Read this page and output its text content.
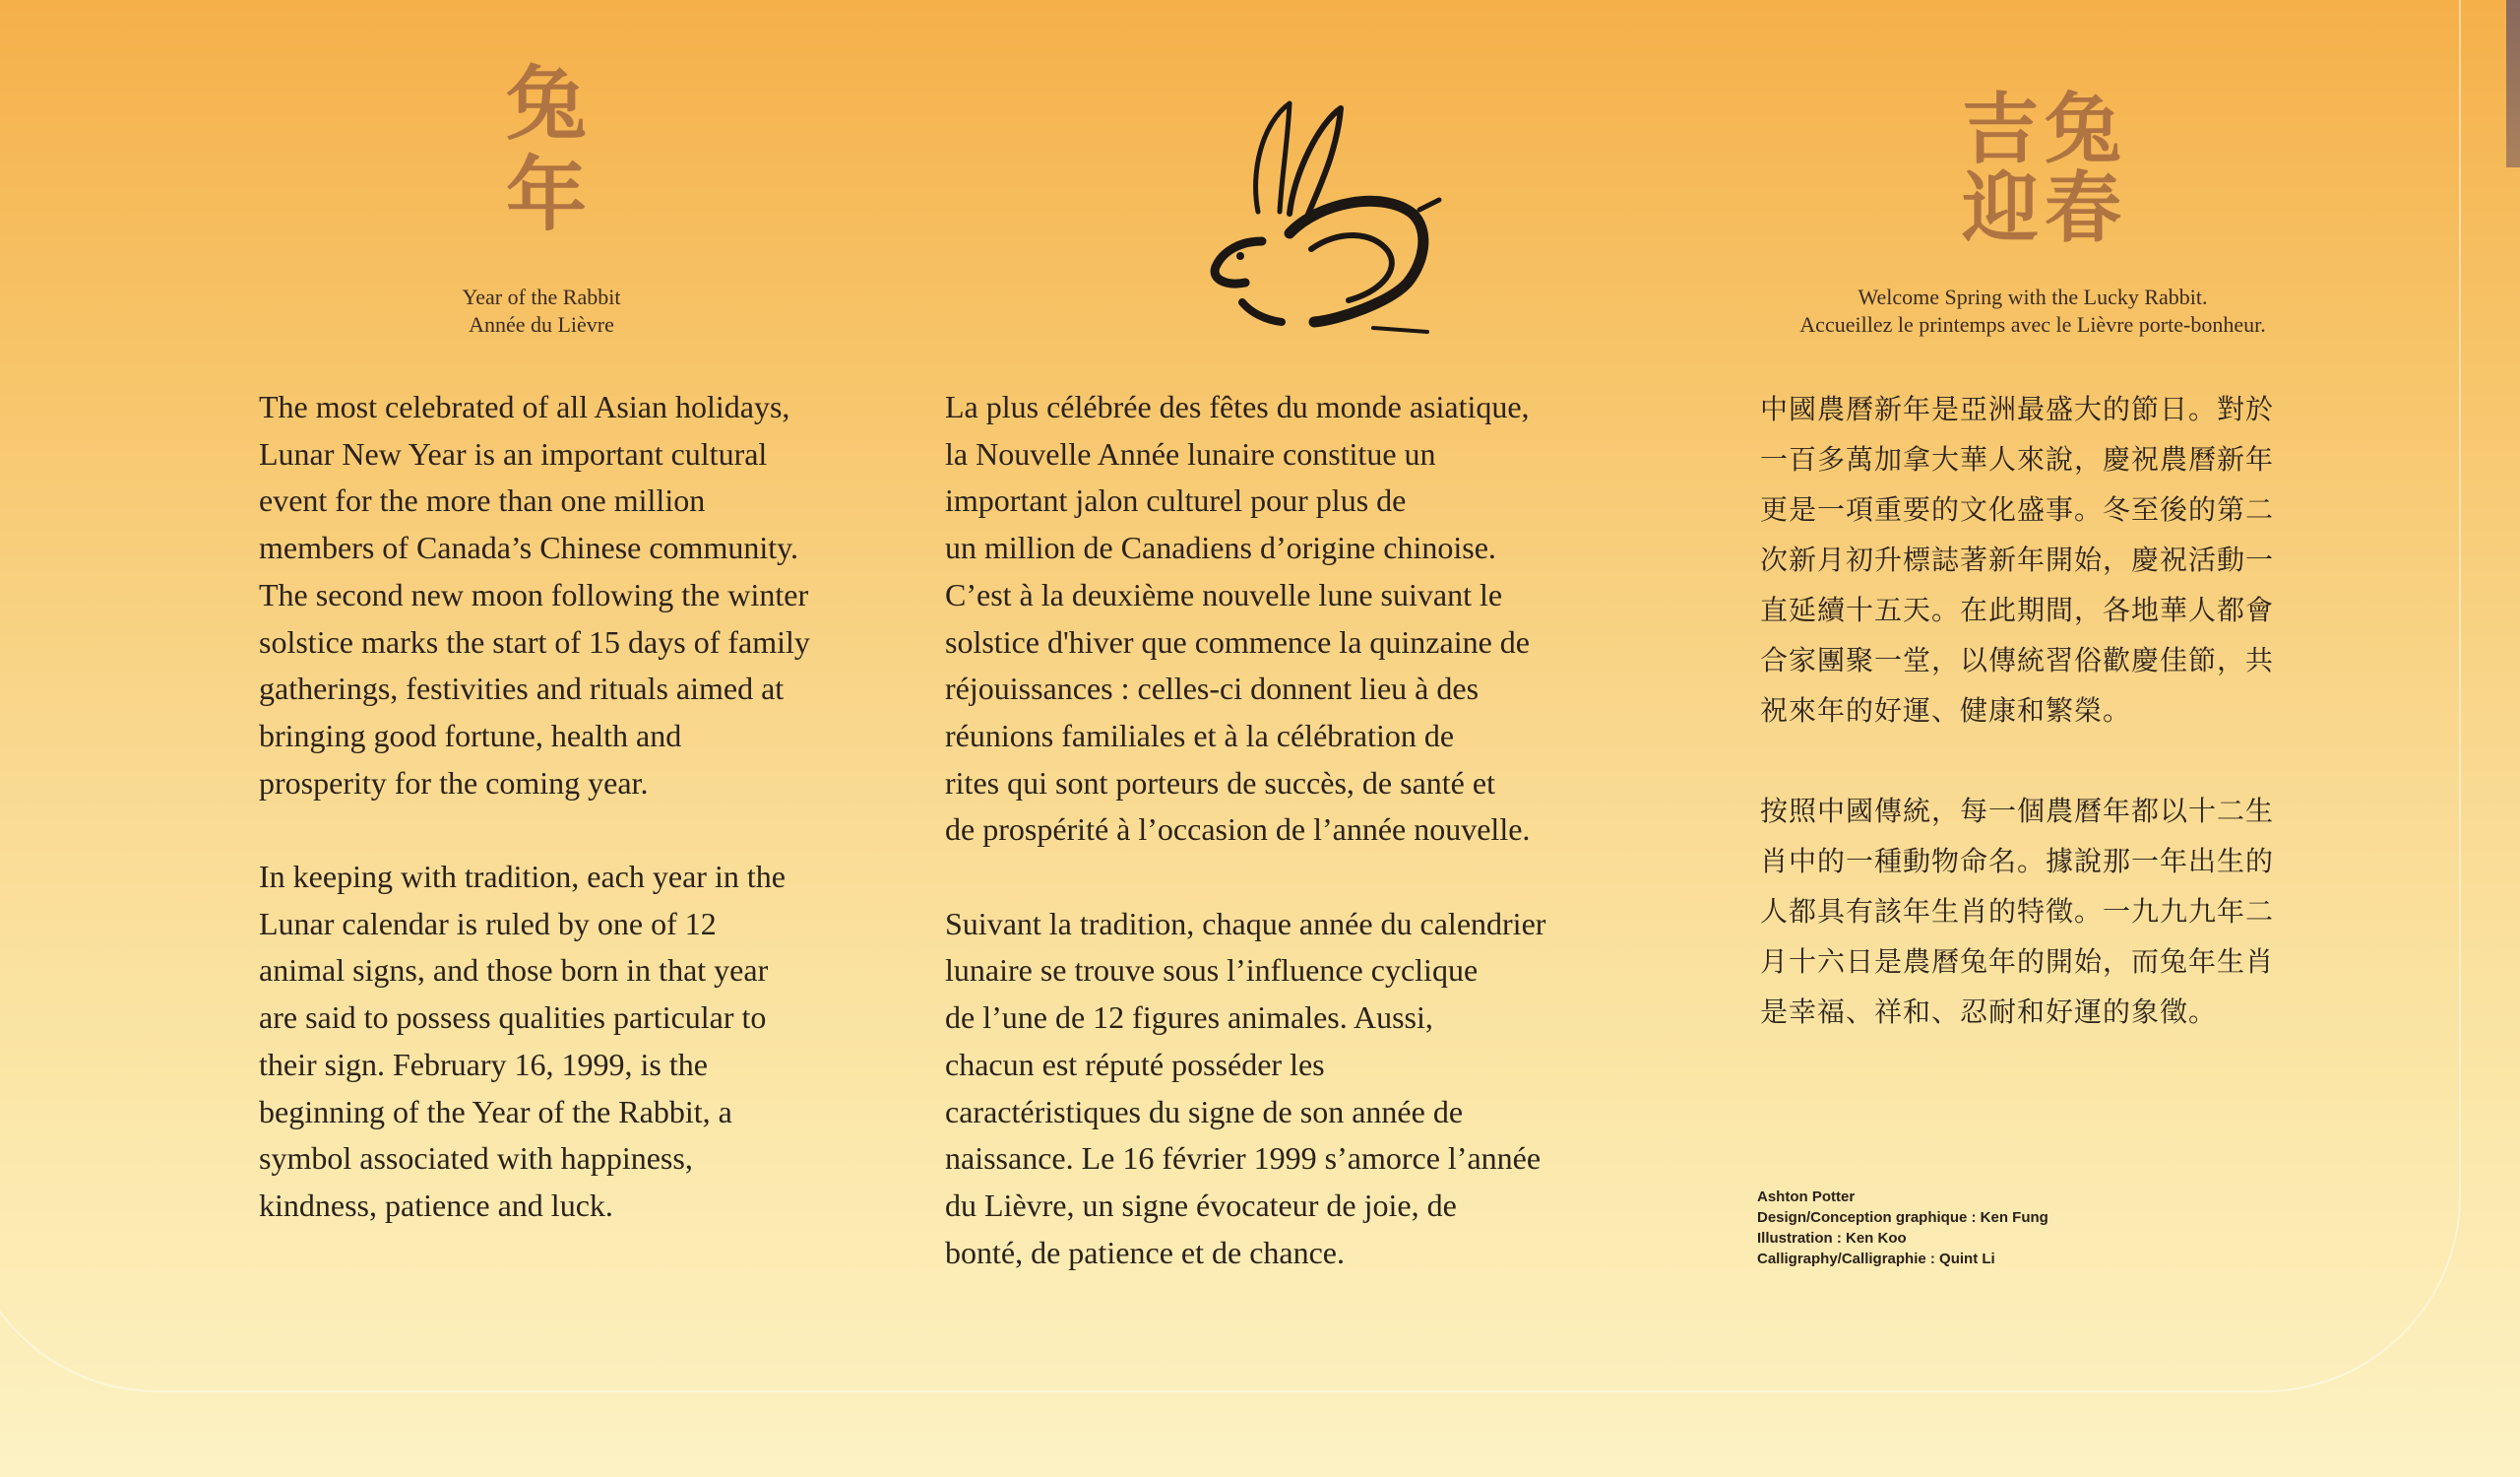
兔
年
Year of the Rabbit
Année du Lièvre
吉兔
迎春
Welcome Spring with the Lucky Rabbit.
Accueillez le printemps avec le Lièvre porte-bonheur.

The most celebrated of all Asian holidays,

Lunar New Year is an important cultural

event for the more than one million

members of Canada’s Chinese community.

The second new moon following the winter

solstice marks the start of 15 days of family

gatherings, festivities and rituals aimed at

bringing good fortune, health and

prosperity for the coming year.

In keeping with tradition, each year in the

Lunar calendar is ruled by one of 12

animal signs, and those born in that year

are said to possess qualities particular to

their sign. February 16, 1999, is the

beginning of the Year of the Rabbit, a

symbol associated with happiness,

kindness, patience and luck.

La plus célébrée des fêtes du monde asiatique,

la Nouvelle Année lunaire constitue un

important jalon culturel pour plus de

un million de Canadiens d’origine chinoise.

C’est à la deuxième nouvelle lune suivant le

solstice d'hiver que commence la quinzaine de

réjouissances : celles-ci donnent lieu à des

réunions familiales et à la célébration de

rites qui sont porteurs de succès, de santé et

de prospérité à l’occasion de l’année nouvelle.

Suivant la tradition, chaque année du calendrier

lunaire se trouve sous l’influence cyclique

de l’une de 12 figures animales. Aussi,

chacun est réputé posséder les

caractéristiques du signe de son année de

naissance. Le 16 février 1999 s’amorce l’année

du Lièvre, un signe évocateur de joie, de

bonté, de patience et de chance.

中國農曆新年是亞洲最盛大的節日。對於

一百多萬加拿大華人來說，慶祝農曆新年

更是一項重要的文化盛事。冬至後的第二

次新月初升標誌著新年開始，慶祝活動一

直延續十五天。在此期間，各地華人都會

合家團聚一堂，以傳統習俗歡慶佳節，共

祝來年的好運、健康和繁榮。

按照中國傳統，每一個農曆年都以十二生

肖中的一種動物命名。據說那一年出生的

人都具有該年生肖的特徵。一九九九年二

月十六日是農曆兔年的開始，而兔年生肖

是幸福、祥和、忍耐和好運的象徵。

Ashton Potter
Design/Conception graphique : Ken Fung
Illustration : Ken Koo
Calligraphy/Calligraphie : Quint Li
